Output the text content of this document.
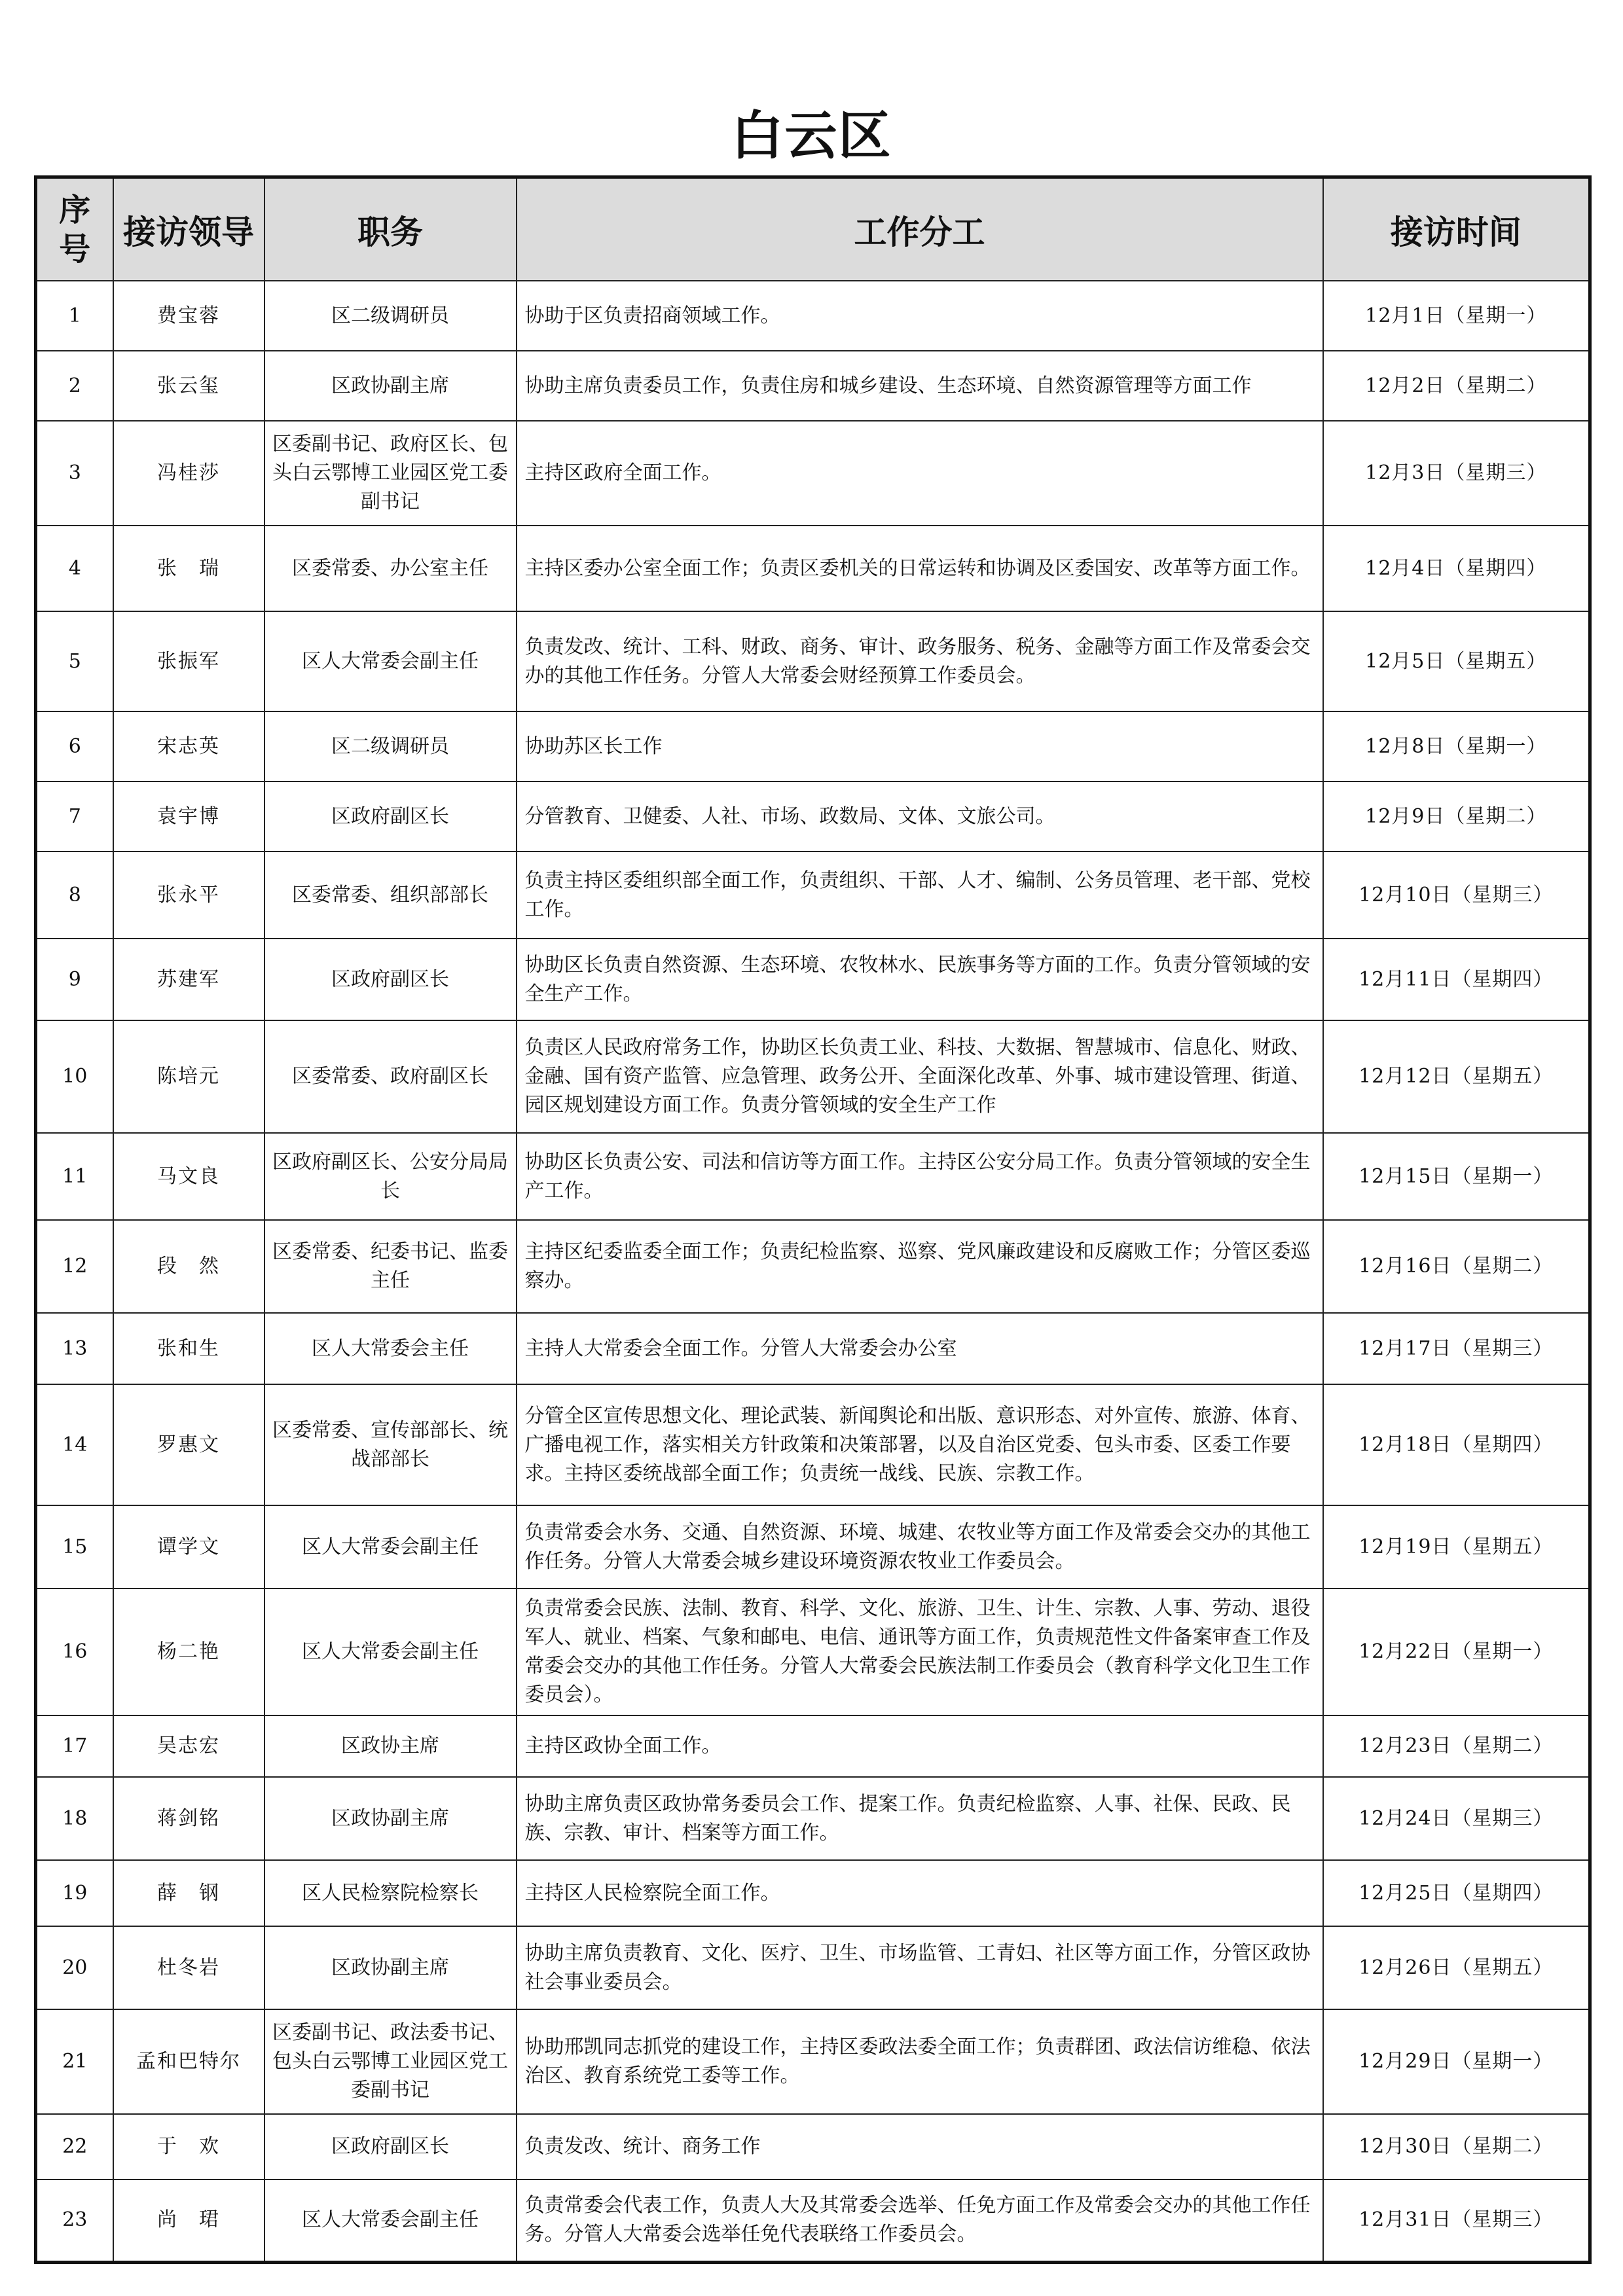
白云区
序号	接访领导	职务	工作分工	接访时间
1	费宝蓉	区二级调研员	协助于区负责招商领域工作。	12月1日（星期一）
2	张云玺	区政协副主席	协助主席负责委员工作，负责住房和城乡建设、生态环境、自然资源管理等方面工作	12月2日（星期二）
3	冯桂莎	区委副书记、政府区长、包头白云鄂博工业园区党工委副书记	主持区政府全面工作。	12月3日（星期三）
4	张　瑞	区委常委、办公室主任	主持区委办公室全面工作；负责区委机关的日常运转和协调及区委国安、改革等方面工作。	12月4日（星期四）
5	张振军	区人大常委会副主任	负责发改、统计、工科、财政、商务、审计、政务服务、税务、金融等方面工作及常委会交办的其他工作任务。分管人大常委会财经预算工作委员会。	12月5日（星期五）
6	宋志英	区二级调研员	协助苏区长工作	12月8日（星期一）
7	袁宇博	区政府副区长	分管教育、卫健委、人社、市场、政数局、文体、文旅公司。	12月9日（星期二）
8	张永平	区委常委、组织部部长	负责主持区委组织部全面工作，负责组织、干部、人才、编制、公务员管理、老干部、党校工作。	12月10日（星期三）
9	苏建军	区政府副区长	协助区长负责自然资源、生态环境、农牧林水、民族事务等方面的工作。负责分管领域的安全生产工作。	12月11日（星期四）
10	陈培元	区委常委、政府副区长	负责区人民政府常务工作，协助区长负责工业、科技、大数据、智慧城市、信息化、财政、金融、国有资产监管、应急管理、政务公开、全面深化改革、外事、城市建设管理、街道、园区规划建设方面工作。负责分管领域的安全生产工作	12月12日（星期五）
11	马文良	区政府副区长、公安分局局长	协助区长负责公安、司法和信访等方面工作。主持区公安分局工作。负责分管领域的安全生产工作。	12月15日（星期一）
12	段　然	区委常委、纪委书记、监委主任	主持区纪委监委全面工作；负责纪检监察、巡察、党风廉政建设和反腐败工作；分管区委巡察办。	12月16日（星期二）
13	张和生	区人大常委会主任	主持人大常委会全面工作。分管人大常委会办公室	12月17日（星期三）
14	罗惠文	区委常委、宣传部部长、统战部部长	分管全区宣传思想文化、理论武装、新闻舆论和出版、意识形态、对外宣传、旅游、体育、广播电视工作，落实相关方针政策和决策部署，以及自治区党委、包头市委、区委工作要求。主持区委统战部全面工作；负责统一战线、民族、宗教工作。	12月18日（星期四）
15	谭学文	区人大常委会副主任	负责常委会水务、交通、自然资源、环境、城建、农牧业等方面工作及常委会交办的其他工作任务。分管人大常委会城乡建设环境资源农牧业工作委员会。	12月19日（星期五）
16	杨二艳	区人大常委会副主任	负责常委会民族、法制、教育、科学、文化、旅游、卫生、计生、宗教、人事、劳动、退役军人、就业、档案、气象和邮电、电信、通讯等方面工作，负责规范性文件备案审查工作及常委会交办的其他工作任务。分管人大常委会民族法制工作委员会（教育科学文化卫生工作委员会）。	12月22日（星期一）
17	吴志宏	区政协主席	主持区政协全面工作。	12月23日（星期二）
18	蒋剑铭	区政协副主席	协助主席负责区政协常务委员会工作、提案工作。负责纪检监察、人事、社保、民政、民族、宗教、审计、档案等方面工作。	12月24日（星期三）
19	薛　钢	区人民检察院检察长	主持区人民检察院全面工作。	12月25日（星期四）
20	杜冬岩	区政协副主席	协助主席负责教育、文化、医疗、卫生、市场监管、工青妇、社区等方面工作，分管区政协社会事业委员会。	12月26日（星期五）
21	孟和巴特尔	区委副书记、政法委书记、包头白云鄂博工业园区党工委副书记	协助邢凯同志抓党的建设工作，主持区委政法委全面工作；负责群团、政法信访维稳、依法治区、教育系统党工委等工作。	12月29日（星期一）
22	于　欢	区政府副区长	负责发改、统计、商务工作	12月30日（星期二）
23	尚　珺	区人大常委会副主任	负责常委会代表工作，负责人大及其常委会选举、任免方面工作及常委会交办的其他工作任务。分管人大常委会选举任免代表联络工作委员会。	12月31日（星期三）
